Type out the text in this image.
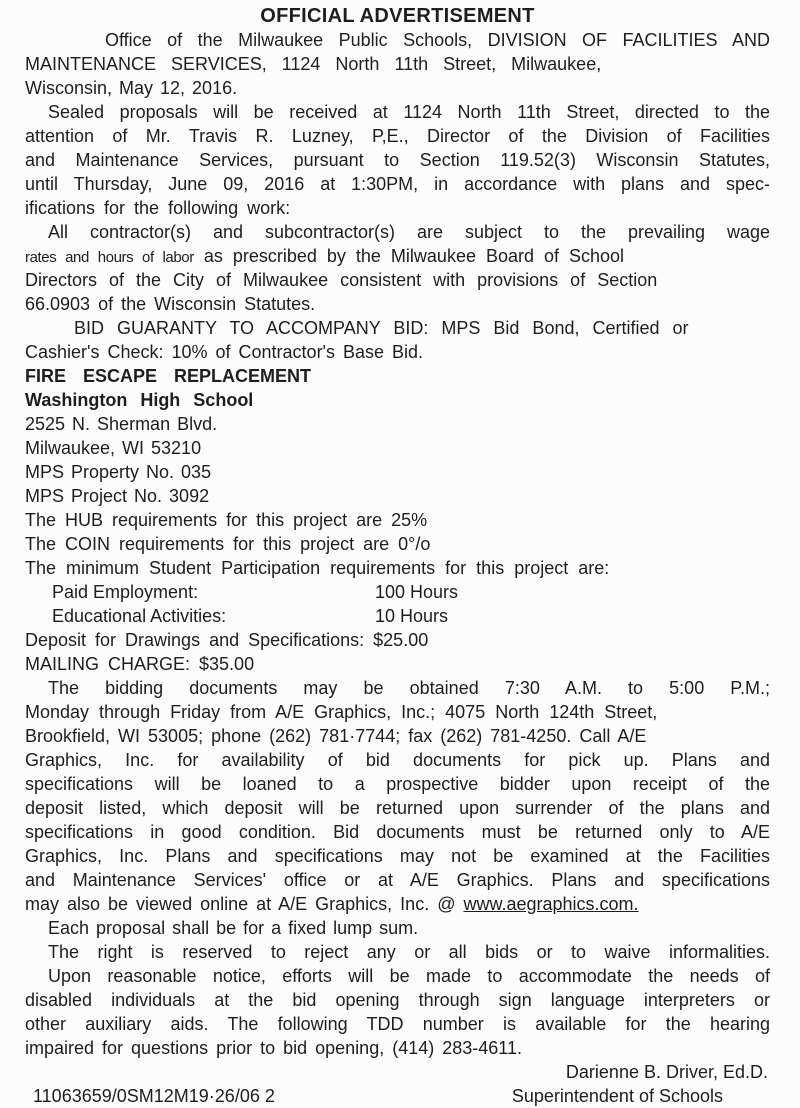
OFFICIAL ADVERTISEMENT
Office of the Milwaukee Public Schools, DIVISION OF FACILITIES AND
MAINTENANCE SERVICES, 1124 North 11th Street, Milwaukee,
Wisconsin, May 12, 2016.
Sealed proposals will be received at 1124 North 11th Street, directed to the
attention of Mr. Travis R. Luzney, P,E., Director of the Division of Facilities
and Maintenance Services, pursuant to Section 119.52(3) Wisconsin Statutes,
until Thursday, June 09, 2016 at 1:30PM, in accordance with plans and spec-
ifications for the following work:
All contractor(s) and subcontractor(s) are subject to the prevailing wage
rates and hours of labor as prescribed by the Milwaukee Board of School
Directors of the City of Milwaukee consistent with provisions of Section
66.0903 of the Wisconsin Statutes.
BID GUARANTY TO ACCOMPANY BID: MPS Bid Bond, Certified or
Cashier's Check: 10% of Contractor's Base Bid.
FIRE ESCAPE REPLACEMENT
Washington High School
2525 N. Sherman Blvd.
Milwaukee, WI 53210
MPS Property No. 035
MPS Project No. 3092
The HUB requirements for this project are 25%
The COIN requirements for this project are 0°/o
The minimum Student Participation requirements for this project are:
Paid Employment:	100 Hours
Educational Activities:	10 Hours
Deposit for Drawings and Specifications: $25.00
MAILING CHARGE: $35.00
The bidding documents may be obtained 7:30 A.M. to 5:00 P.M.;
Monday through Friday from A/E Graphics, Inc.; 4075 North 124th Street,
Brookfield, WI 53005; phone (262) 781·7744; fax (262) 781-4250. Call A/E
Graphics, Inc. for availability of bid documents for pick up. Plans and
specifications will be loaned to a prospective bidder upon receipt of the
deposit listed, which deposit will be returned upon surrender of the plans and
specifications in good condition. Bid documents must be returned only to A/E
Graphics, Inc. Plans and specifications may not be examined at the Facilities
and Maintenance Services' office or at A/E Graphics. Plans and specifications
may also be viewed online at A/E Graphics, Inc. @ www.aegraphics.com.
Each proposal shall be for a fixed lump sum.
The right is reserved to reject any or all bids or to waive informalities.
Upon reasonable notice, efforts will be made to accommodate the needs of
disabled individuals at the bid opening through sign language interpreters or
other auxiliary aids. The following TDD number is available for the hearing
impaired for questions prior to bid opening, (414) 283-4611.
Darienne B. Driver, Ed.D.
11063659/0SM12M19·26/06 2	Superintendent of Schools
